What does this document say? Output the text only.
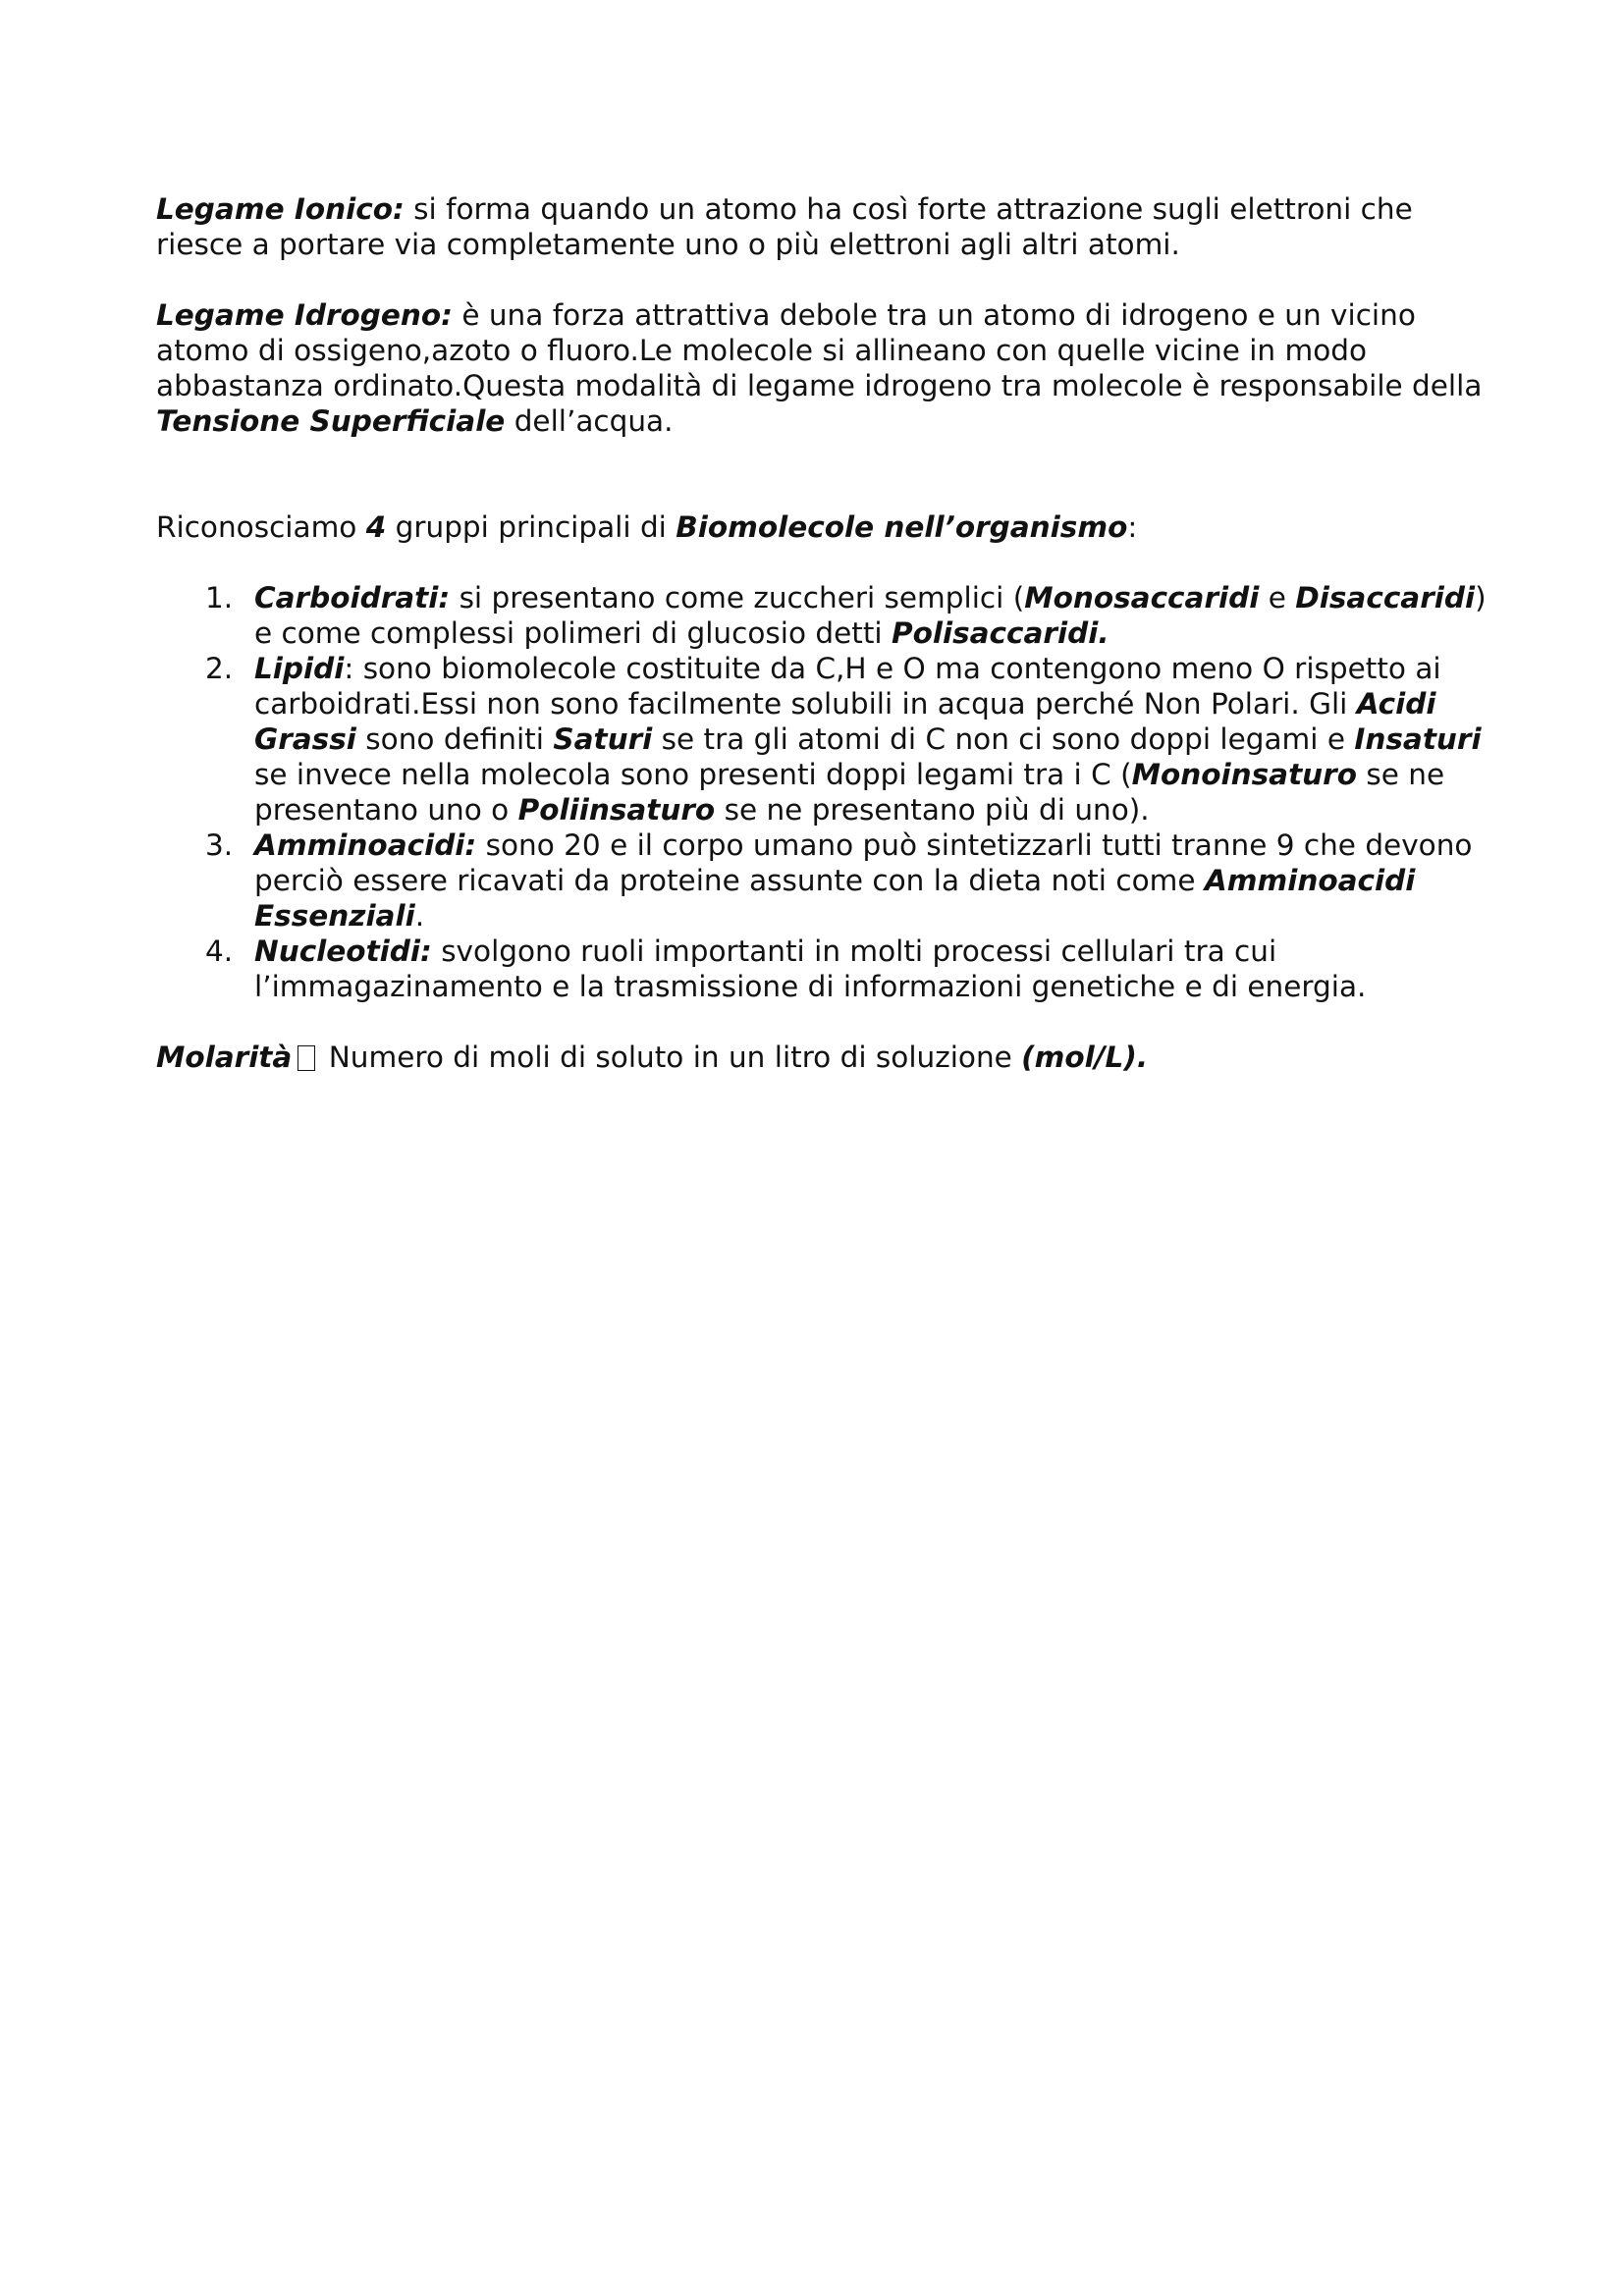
Legame Ionico: si forma quando un atomo ha così forte attrazione sugli elettroni che riesce a portare via completamente uno o più elettroni agli altri atomi.

Legame Idrogeno: è una forza attrattiva debole tra un atomo di idrogeno e un vicino atomo di ossigeno,azoto o fluoro.Le molecole si allineano con quelle vicine in modo abbastanza ordinato.Questa modalità di legame idrogeno tra molecole è responsabile della Tensione Superficiale dell’acqua.

Riconosciamo 4 gruppi principali di Biomolecole nell’organismo:

1. Carboidrati: si presentano come zuccheri semplici (Monosaccaridi e Disaccaridi) e come complessi polimeri di glucosio detti Polisaccaridi.
2. Lipidi: sono biomolecole costituite da C,H e O ma contengono meno O rispetto ai carboidrati.Essi non sono facilmente solubili in acqua perché Non Polari. Gli Acidi Grassi sono definiti Saturi se tra gli atomi di C non ci sono doppi legami e Insaturi se invece nella molecola sono presenti doppi legami tra i C (Monoinsaturo se ne presentano uno o Poliinsaturo se ne presentano più di uno).
3. Amminoacidi: sono 20 e il corpo umano può sintetizzarli tutti tranne 9 che devono perciò essere ricavati da proteine assunte con la dieta noti come Amminoacidi Essenziali.
4. Nucleotidi: svolgono ruoli importanti in molti processi cellulari tra cui l’immagazinamento e la trasmissione di informazioni genetiche e di energia.

Molarità Numero di moli di soluto in un litro di soluzione (mol/L).
